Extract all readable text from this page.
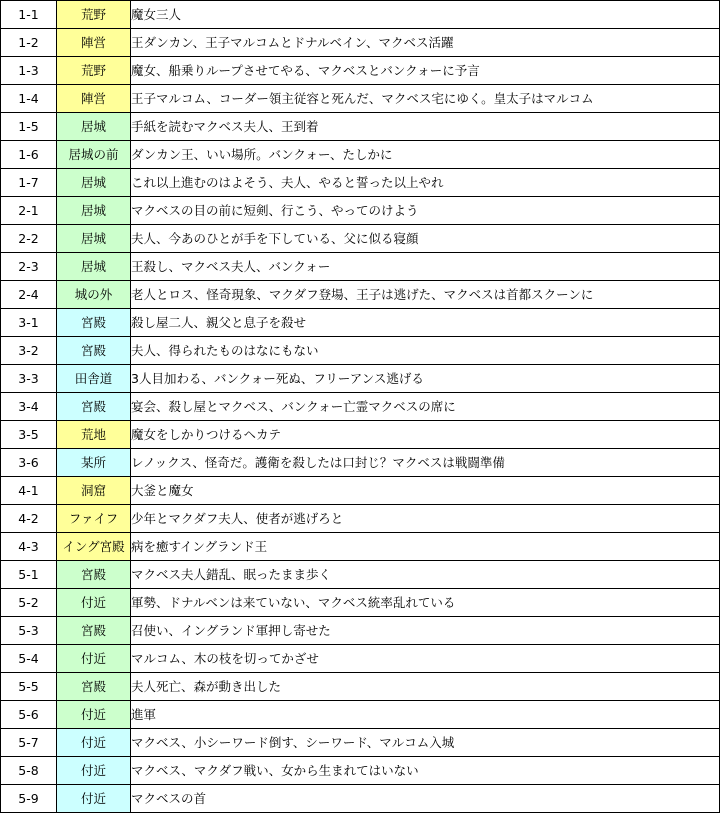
1-1	荒野	魔女三人
1-2	陣営	王ダンカン、王子マルコムとドナルベイン、マクベス活躍
1-3	荒野	魔女、船乗りループさせてやる、マクベスとバンクォーに予言
1-4	陣営	王子マルコム、コーダー領主従容と死んだ、マクベス宅にゆく。皇太子はマルコム
1-5	居城	手紙を読むマクベス夫人、王到着
1-6	居城の前	ダンカン王、いい場所。バンクォー、たしかに
1-7	居城	これ以上進むのはよそう、夫人、やると誓った以上やれ
2-1	居城	マクベスの目の前に短剣、行こう、やってのけよう
2-2	居城	夫人、今あのひとが手を下している、父に似る寝顔
2-3	居城	王殺し、マクベス夫人、バンクォー
2-4	城の外	老人とロス、怪奇現象、マクダフ登場、王子は逃げた、マクベスは首都スクーンに
3-1	宮殿	殺し屋二人、親父と息子を殺せ
3-2	宮殿	夫人、得られたものはなにもない
3-3	田舎道	3人目加わる、バンクォー死ぬ、フリーアンス逃げる
3-4	宮殿	宴会、殺し屋とマクベス、バンクォー亡霊マクベスの席に
3-5	荒地	魔女をしかりつけるヘカテ
3-6	某所	レノックス、怪奇だ。護衛を殺したは口封じ？マクベスは戦闘準備
4-1	洞窟	大釜と魔女
4-2	ファイフ	少年とマクダフ夫人、使者が逃げろと
4-3	イング宮殿	病を癒すイングランド王
5-1	宮殿	マクベス夫人錯乱、眠ったまま歩く
5-2	付近	軍勢、ドナルベンは来ていない、マクベス統率乱れている
5-3	宮殿	召使い、イングランド軍押し寄せた
5-4	付近	マルコム、木の枝を切ってかざせ
5-5	宮殿	夫人死亡、森が動き出した
5-6	付近	進軍
5-7	付近	マクベス、小シーワード倒す、シーワード、マルコム入城
5-8	付近	マクベス、マクダフ戦い、女から生まれてはいない
5-9	付近	マクベスの首
